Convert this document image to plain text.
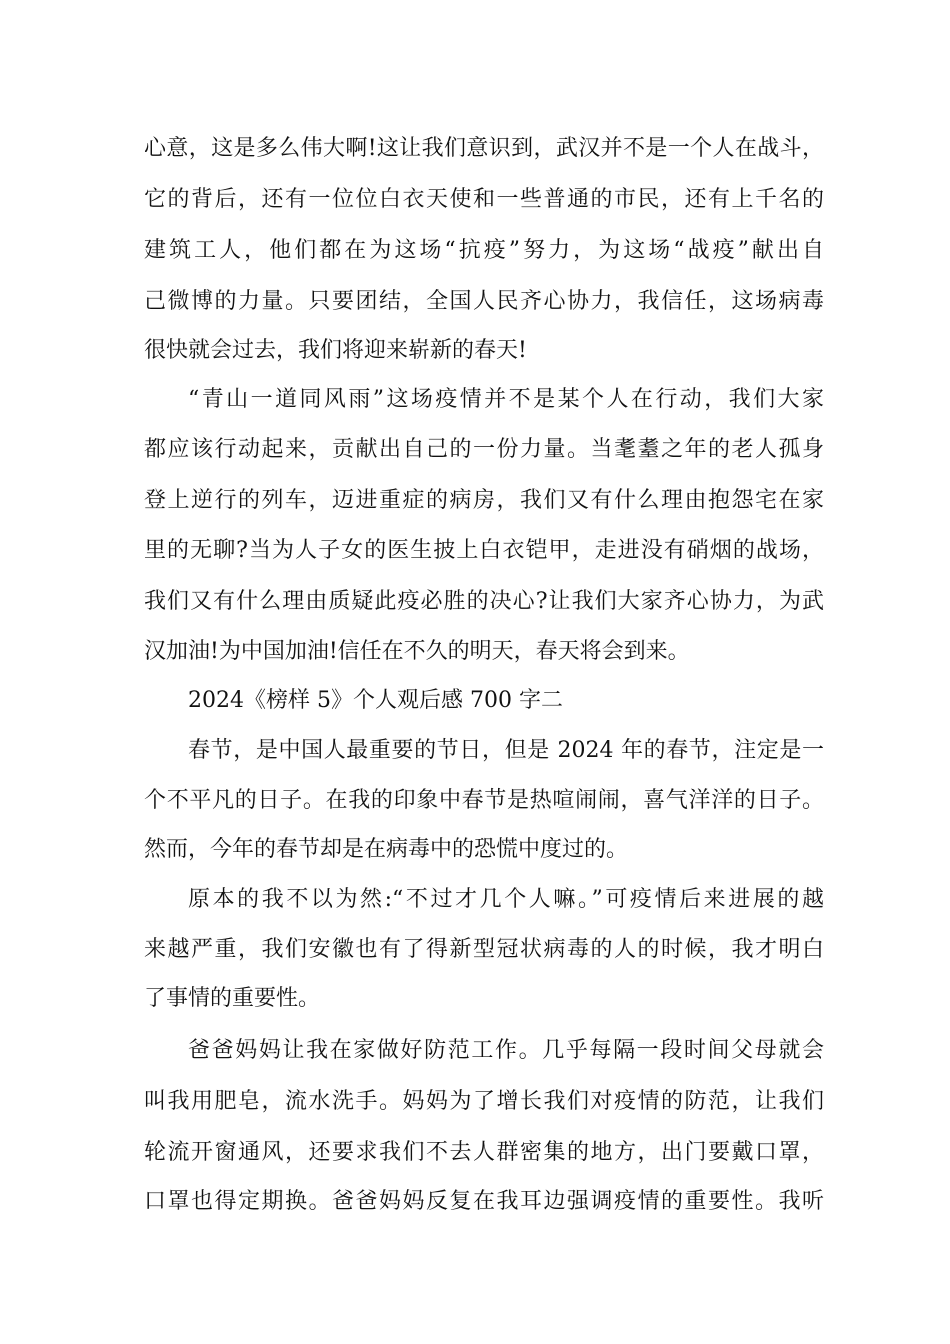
心意，这是多么伟大啊!这让我们意识到，武汉并不是一个人在战斗，
它的背后，还有一位位白衣天使和一些普通的市民，还有上千名的
建筑工人，他们都在为这场“抗疫”努力，为这场“战疫”献出自
己微博的力量。只要团结，全国人民齐心协力，我信任，这场病毒
很快就会过去，我们将迎来崭新的春天!
“青山一道同风雨”这场疫情并不是某个人在行动，我们大家
都应该行动起来，贡献出自己的一份力量。当耄耋之年的老人孤身
登上逆行的列车，迈进重症的病房，我们又有什么理由抱怨宅在家
里的无聊?当为人子女的医生披上白衣铠甲，走进没有硝烟的战场，
我们又有什么理由质疑此疫必胜的决心?让我们大家齐心协力，为武
汉加油!为中国加油!信任在不久的明天，春天将会到来。
2024《榜样 5》个人观后感 700 字二
春节，是中国人最重要的节日，但是 2024 年的春节，注定是一
个不平凡的日子。在我的印象中春节是热喧闹闹，喜气洋洋的日子。
然而，今年的春节却是在病毒中的恐慌中度过的。
原本的我不以为然:“不过才几个人嘛。”可疫情后来进展的越
来越严重，我们安徽也有了得新型冠状病毒的人的时候，我才明白
了事情的重要性。
爸爸妈妈让我在家做好防范工作。几乎每隔一段时间父母就会
叫我用肥皂，流水洗手。妈妈为了增长我们对疫情的防范，让我们
轮流开窗通风，还要求我们不去人群密集的地方，出门要戴口罩，
口罩也得定期换。爸爸妈妈反复在我耳边强调疫情的重要性。我听
